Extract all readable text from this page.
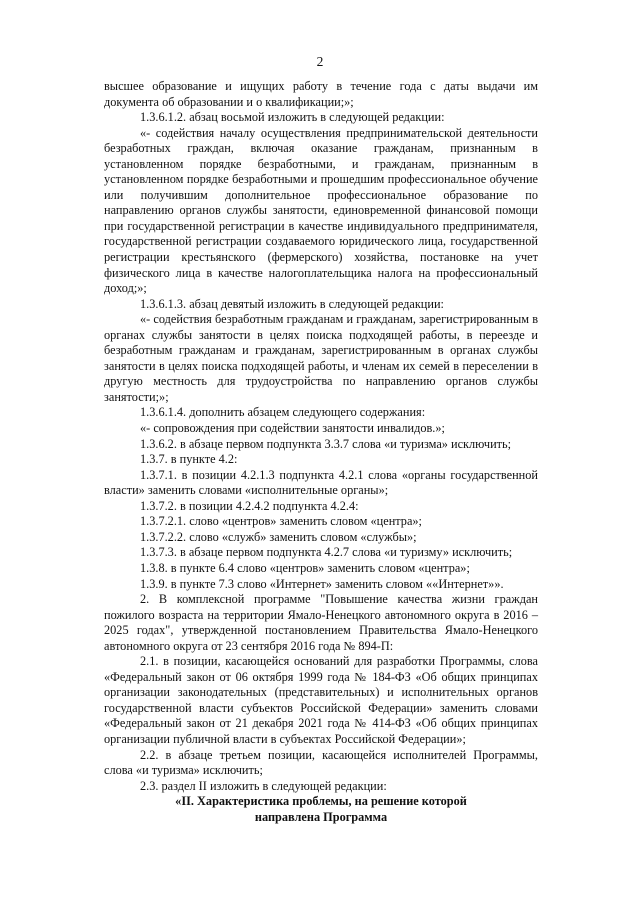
2

высшее образование и ищущих работу в течение года с даты выдачи им документа об образовании и о квалификации;»;

1.3.6.1.2. абзац восьмой изложить в следующей редакции:

«- содействия началу осуществления предпринимательской деятельности безработных граждан, включая оказание гражданам, признанным в установленном порядке безработными, и гражданам, признанным в установленном порядке безработными и прошедшим профессиональное обучение или получившим дополнительное профессиональное образование по направлению органов службы занятости, единовременной финансовой помощи при государственной регистрации в качестве индивидуального предпринимателя, государственной регистрации создаваемого юридического лица, государственной регистрации крестьянского (фермерского) хозяйства, постановке на учет физического лица в качестве налогоплательщика налога на профессиональный доход;»;

1.3.6.1.3. абзац девятый изложить в следующей редакции:

«- содействия безработным гражданам и гражданам, зарегистрированным в органах службы занятости в целях поиска подходящей работы, в переезде и безработным гражданам и гражданам, зарегистрированным в органах службы занятости в целях поиска подходящей работы, и членам их семей в переселении в другую местность для трудоустройства по направлению органов службы занятости;»;

1.3.6.1.4. дополнить абзацем следующего содержания:

«- сопровождения при содействии занятости инвалидов.»;

1.3.6.2. в абзаце первом подпункта 3.3.7 слова «и туризма» исключить;

1.3.7. в пункте 4.2:

1.3.7.1. в позиции 4.2.1.3 подпункта 4.2.1 слова «органы государственной власти» заменить словами «исполнительные органы»;

1.3.7.2. в позиции 4.2.4.2 подпункта 4.2.4:

1.3.7.2.1. слово «центров» заменить словом «центра»;

1.3.7.2.2. слово «служб» заменить словом «службы»;

1.3.7.3. в абзаце первом подпункта 4.2.7 слова «и туризму» исключить;

1.3.8. в пункте 6.4 слово «центров» заменить словом «центра»;

1.3.9. в пункте 7.3 слово «Интернет» заменить словом ««Интернет»».

2. В комплексной программе "Повышение качества жизни граждан пожилого возраста на территории Ямало-Ненецкого автономного округа в 2016 – 2025 годах", утвержденной постановлением Правительства Ямало-Ненецкого автономного округа от 23 сентября 2016 года № 894-П:

2.1. в позиции, касающейся оснований для разработки Программы, слова «Федеральный закон от 06 октября 1999 года № 184-ФЗ «Об общих принципах организации законодательных (представительных) и исполнительных органов государственной власти субъектов Российской Федерации» заменить словами «Федеральный закон от 21 декабря 2021 года № 414-ФЗ «Об общих принципах организации публичной власти в субъектах Российской Федерации»;

2.2. в абзаце третьем позиции, касающейся исполнителей Программы, слова «и туризма» исключить;

2.3. раздел II изложить в следующей редакции:

«II. Характеристика проблемы, на решение которой

направлена Программа
